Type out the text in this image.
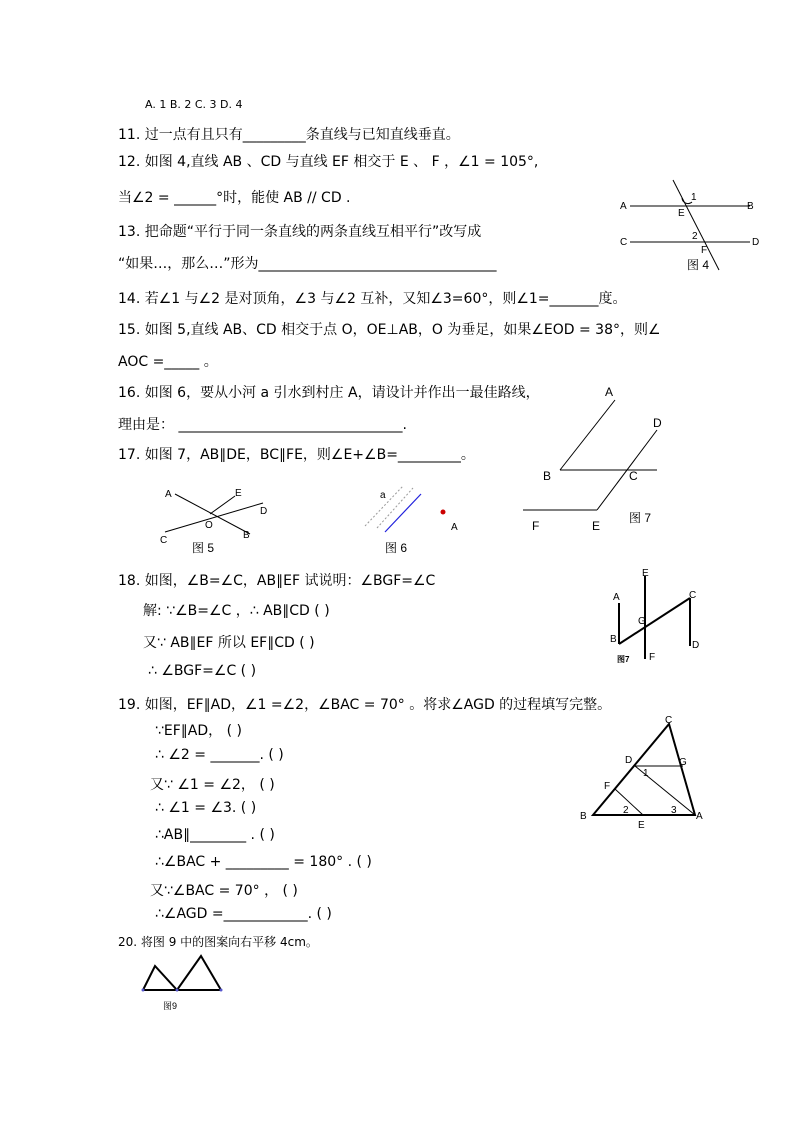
A. 1 B. 2 C. 3 D. 4
11. 过一点有且只有_________条直线与已知直线垂直。
12. 如图 4,直线 AB 、CD 与直线 EF 相交于 E 、 F ，∠1 = 105°,
当∠2 = ______°时，能使 AB // CD .
13. 把命题“平行于同一条直线的两条直线互相平行”改写成
“如果…，那么…”形为__________________________________
14. 若∠1 与∠2 是对顶角，∠3 与∠2 互补，又知∠3=60°，则∠1=_______度。
15. 如图 5,直线 AB、CD 相交于点 O，OE⊥AB，O 为垂足，如果∠EOD = 38°，则∠
AOC =_____ 。
16. 如图 6，要从小河 a 引水到村庄 A，请设计并作出一最佳路线，
理由是： ________________________________.
17. 如图 7，AB∥DE，BC∥FE，则∠E+∠B=_________。
18. 如图，∠B=∠C，AB∥EF 试说明：∠BGF=∠C
解: ∵∠B=∠C ，∴ AB∥CD ( )
又∵ AB∥EF 所以 EF∥CD ( )
∴ ∠BGF=∠C ( )
19. 如图，EF∥AD，∠1 =∠2，∠BAC = 70° 。将求∠AGD 的过程填写完整。
∵EF∥AD， ( )
∴ ∠2 = _______. ( )
又∵ ∠1 = ∠2， ( )
∴ ∠1 = ∠3. ( )
∴AB∥________ . ( )
∴∠BAC + _________ = 180° . ( )
又∵∠BAC = 70° ， ( )
∴∠AGD =____________. ( )
20. 将图 9 中的图案向右平移 4cm。
A	B
C	D
E
F
1
2
图 4
A	E
D
O
C	B
图 5
a
A
图 6
A
D
B	C
F	E
图 7
E
A	C
G
B
D
F
图7
C
D	G
1
F
2	3
B
E
A
图9
